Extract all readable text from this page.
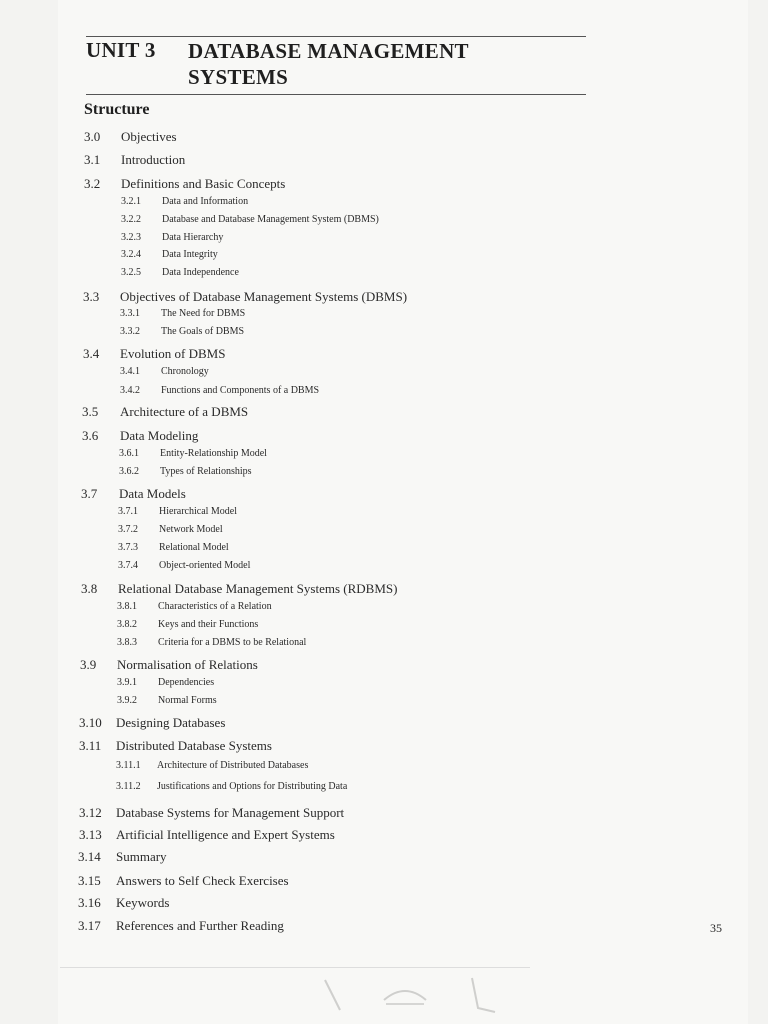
UNIT 3 DATABASE MANAGEMENT
SYSTEMS
Structure
3.0 Objectives
3.1 Introduction
3.2 Definitions and Basic Concepts
3.2.1 Data and Information
3.2.2 Database and Database Management System (DBMS)
3.2.3 Data Hierarchy
3.2.4 Data Integrity
3.2.5 Data Independence
3.3 Objectives of Database Management Systems (DBMS)
3.3.1 The Need for DBMS
3.3.2 The Goals of DBMS
3.4 Evolution of DBMS
3.4.1 Chronology
3.4.2 Functions and Components of a DBMS
3.5 Architecture of a DBMS
3.6 Data Modeling
3.6.1 Entity-Relationship Model
3.6.2 Types of Relationships
3.7 Data Models
3.7.1 Hierarchical Model
3.7.2 Network Model
3.7.3 Relational Model
3.7.4 Object-oriented Model
3.8 Relational Database Management Systems (RDBMS)
3.8.1 Characteristics of a Relation
3.8.2 Keys and their Functions
3.8.3 Criteria for a DBMS to be Relational
3.9 Normalisation of Relations
3.9.1 Dependencies
3.9.2 Normal Forms
3.10 Designing Databases
3.11 Distributed Database Systems
3.11.1 Architecture of Distributed Databases
3.11.2 Justifications and Options for Distributing Data
3.12 Database Systems for Management Support
3.13 Artificial Intelligence and Expert Systems
3.14 Summary
3.15 Answers to Self Check Exercises
3.16 Keywords
3.17 References and Further Reading	35
